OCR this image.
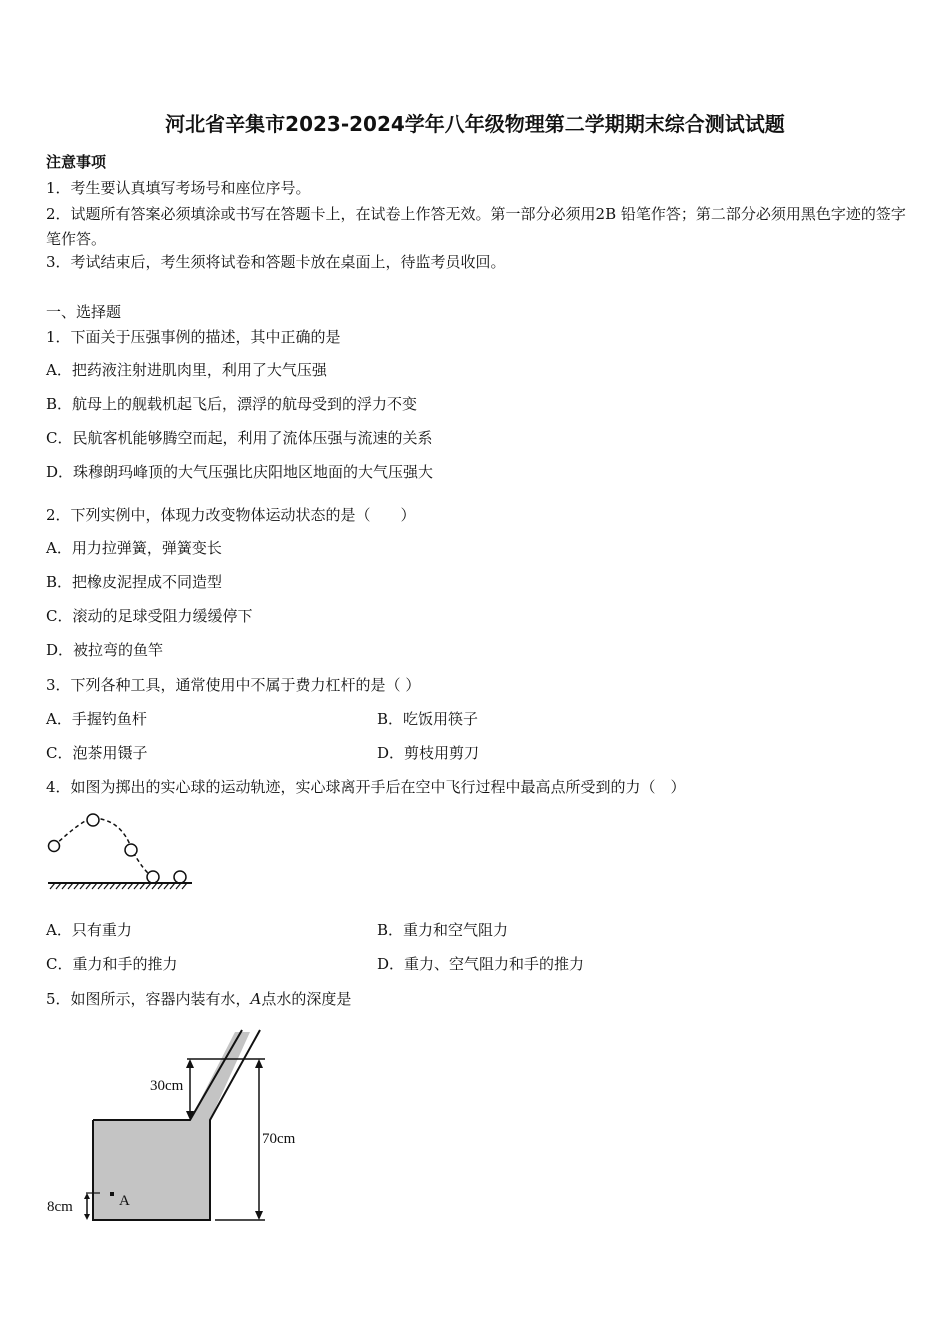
河北省辛集市2023-2024学年八年级物理第二学期期末综合测试试题
注意事项
1．考生要认真填写考场号和座位序号。
2．试题所有答案必须填涂或书写在答题卡上，在试卷上作答无效。第一部分必须用2B 铅笔作答；第二部分必须用黑色字迹的签字笔作答。
3．考试结束后，考生须将试卷和答题卡放在桌面上，待监考员收回。
一、选择题
1．下面关于压强事例的描述，其中正确的是
A．把药液注射进肌肉里，利用了大气压强
B．航母上的舰载机起飞后，漂浮的航母受到的浮力不变
C．民航客机能够腾空而起，利用了流体压强与流速的关系
D．珠穆朗玛峰顶的大气压强比庆阳地区地面的大气压强大
2．下列实例中，体现力改变物体运动状态的是（　　）
A．用力拉弹簧，弹簧变长
B．把橡皮泥捏成不同造型
C．滚动的足球受阻力缓缓停下
D．被拉弯的鱼竿
3．下列各种工具，通常使用中不属于费力杠杆的是（ ）
A．手握钓鱼杆	B．吃饭用筷子
C．泡茶用镊子	D．剪枝用剪刀
4．如图为掷出的实心球的运动轨迹，实心球离开手后在空中飞行过程中最高点所受到的力（　）
A．只有重力	B．重力和空气阻力
C．重力和手的推力	D．重力、空气阻力和手的推力
5．如图所示，容器内装有水，A点水的深度是
30cm
70cm
8cm	A
